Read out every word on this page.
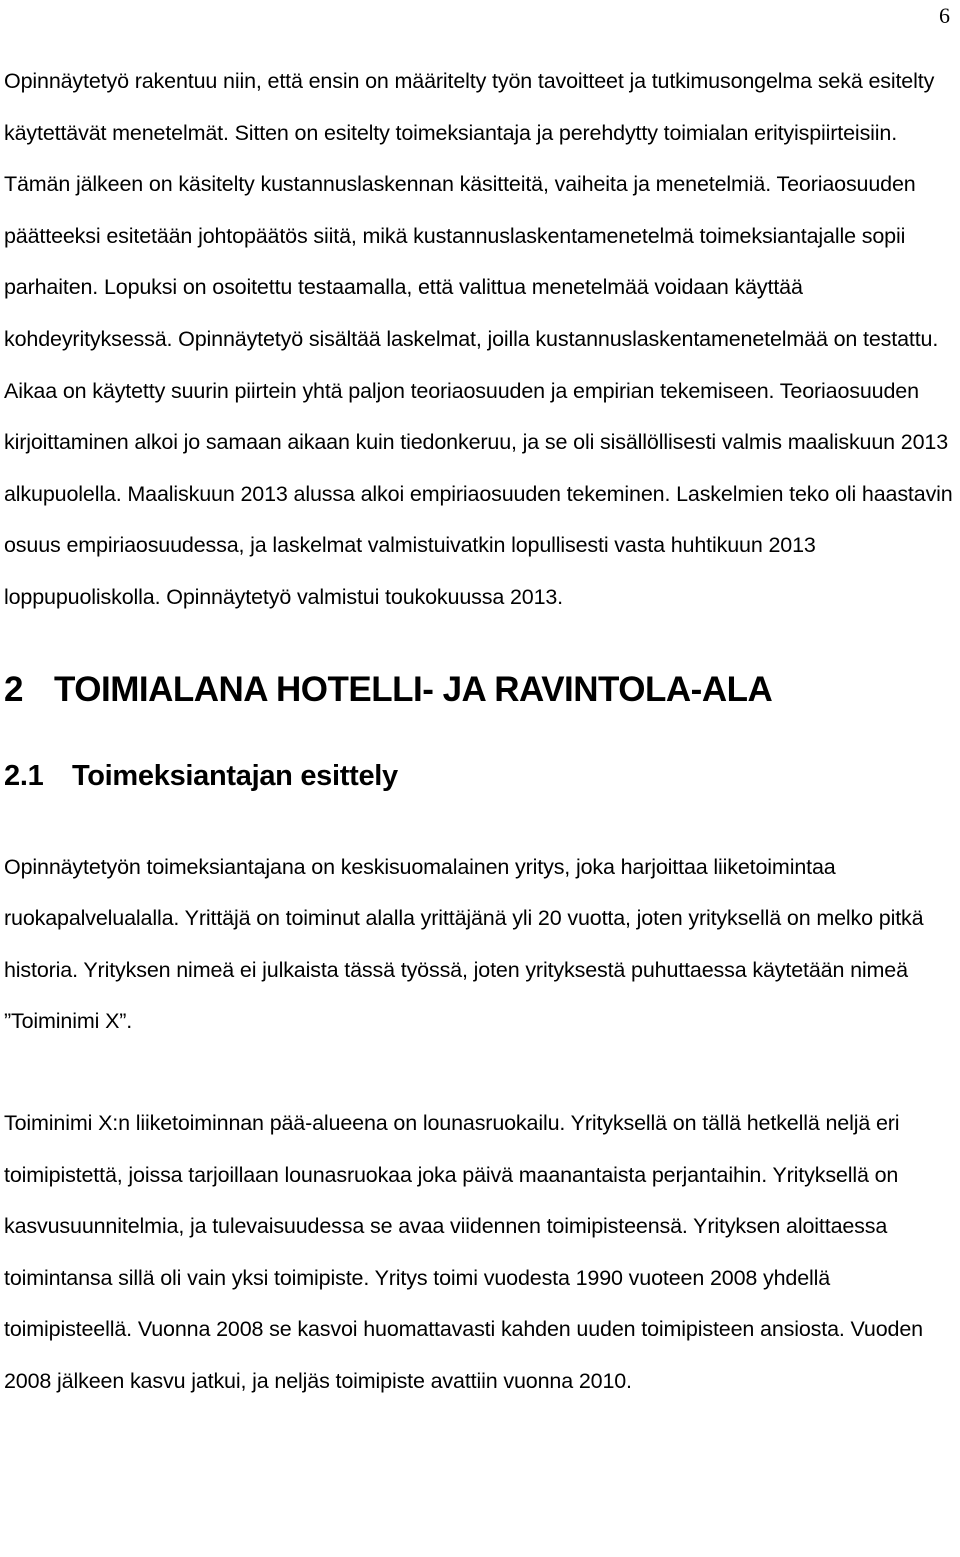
6

Opinnäytetyö rakentuu niin, että ensin on määritelty työn tavoitteet ja tutkimusongelma sekä esitelty käytettävät menetelmät. Sitten on esitelty toimeksiantaja ja perehdytty toimialan erityispiirteisiin. Tämän jälkeen on käsitelty kustannuslaskennan käsitteitä, vaiheita ja menetelmiä. Teoriaosuuden päätteeksi esitetään johtopäätös siitä, mikä kustannuslaskentamenetelmä toimeksiantajalle sopii parhaiten. Lopuksi on osoitettu testaamalla, että valittua menetelmää voidaan käyttää kohdeyrityksessä. Opinnäytetyö sisältää laskelmat, joilla kustannuslaskentamenetelmää on testattu. Aikaa on käytetty suurin piirtein yhtä paljon teoriaosuuden ja empirian tekemiseen. Teoriaosuuden kirjoittaminen alkoi jo samaan aikaan kuin tiedonkeruu, ja se oli sisällöllisesti valmis maaliskuun 2013 alkupuolella. Maaliskuun 2013 alussa alkoi empiriaosuuden tekeminen. Laskelmien teko oli haastavin osuus empiriaosuudessa, ja laskelmat valmistuivatkin lopullisesti vasta huhtikuun 2013 loppupuoliskolla. Opinnäytetyö valmistui toukokuussa 2013.

2 TOIMIALANA HOTELLI- JA RAVINTOLA-ALA
2.1 Toimeksiantajan esittely

Opinnäytetyön toimeksiantajana on keskisuomalainen yritys, joka harjoittaa liiketoimintaa ruokapalvelualalla. Yrittäjä on toiminut alalla yrittäjänä yli 20 vuotta, joten yrityksellä on melko pitkä historia. Yrityksen nimeä ei julkaista tässä työssä, joten yrityksestä puhuttaessa käytetään nimeä ”Toiminimi X”.

Toiminimi X:n liiketoiminnan pää-alueena on lounasruokailu. Yrityksellä on tällä hetkellä neljä eri toimipistettä, joissa tarjoillaan lounasruokaa joka päivä maanantaista perjantaihin. Yrityksellä on kasvusuunnitelmia, ja tulevaisuudessa se avaa viidennen toimipisteensä. Yrityksen aloittaessa toimintansa sillä oli vain yksi toimipiste. Yritys toimi vuodesta 1990 vuoteen 2008 yhdellä toimipisteellä. Vuonna 2008 se kasvoi huomattavasti kahden uuden toimipisteen ansiosta. Vuoden 2008 jälkeen kasvu jatkui, ja neljäs toimipiste avattiin vuonna 2010.
